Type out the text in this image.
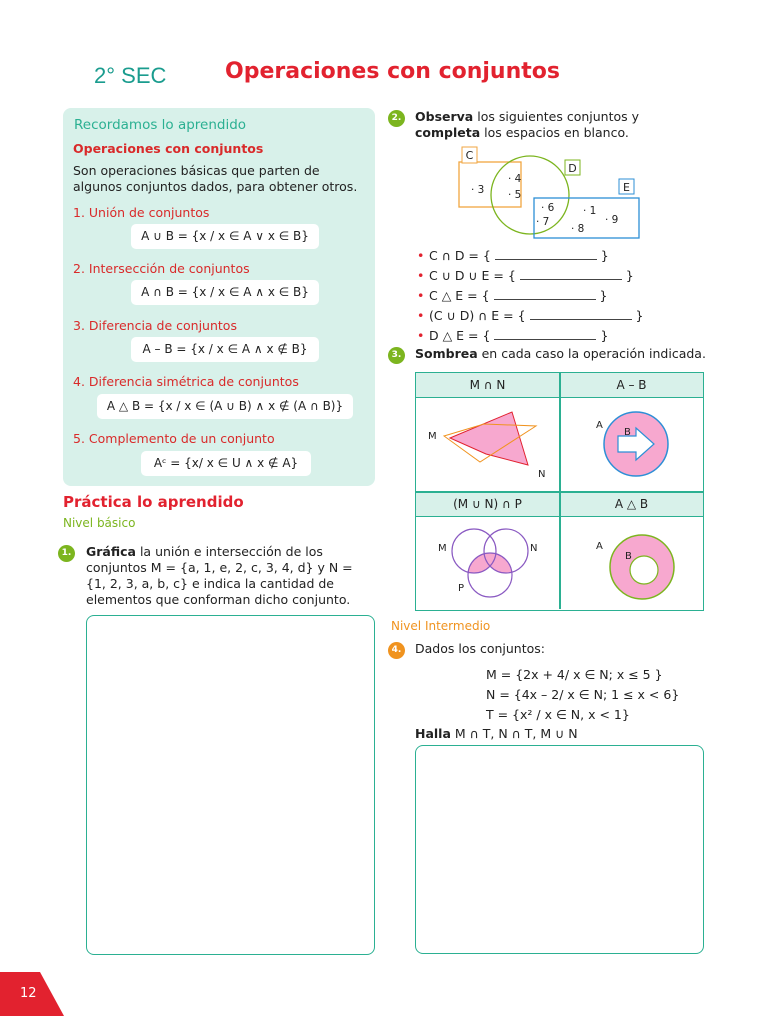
2° SEC	Operaciones con conjuntos
Recordamos lo aprendido
Operaciones con conjuntos
Son operaciones básicas que parten de algunos conjuntos dados, para obtener otros.
1. Unión de conjuntos
A ∪ B = {x / x ∈ A ∨ x ∈ B}
2. Intersección de conjuntos
A ∩ B = {x / x ∈ A ∧ x ∈ B}
3. Diferencia de conjuntos
A – B = {x / x ∈ A ∧ x ∉ B}
4. Diferencia simétrica de conjuntos
A △ B = {x / x ∈ (A ∪ B) ∧ x ∉ (A ∩ B)}
5. Complemento de un conjunto
Aᶜ = {x/ x ∈ U ∧ x ∉ A}
Práctica lo aprendido
Nivel básico
1. Gráfica la unión e intersección de los conjuntos M = {a, 1, e, 2, c, 3, 4, d} y N = {1, 2, 3, a, b, c} e indica la cantidad de elementos que conforman dicho conjunto.
2. Observa los siguientes conjuntos y completa los espacios en blanco.
C
D
E
· 3
· 4
· 5
· 6
· 7
· 1
· 9
· 8
• C ∩ D = {	}
• C ∪ D ∪ E = {	}
• C △ E = {	}
• (C ∪ D) ∩ E = {	}
• D △ E = {	}
3. Sombrea en cada caso la operación indicada.
M ∩ N	A – B
(M ∪ N) ∩ P	A △ B
M
N
A
B
M	N
P
A
B
Nivel Intermedio
4. Dados los conjuntos:
M = {2x + 4/ x ∈ N; x ≤ 5 }
N = {4x – 2/ x ∈ N; 1 ≤ x < 6}
T = {x² / x ∈ N, x < 1}
Halla M ∩ T, N ∩ T, M ∪ N
12
